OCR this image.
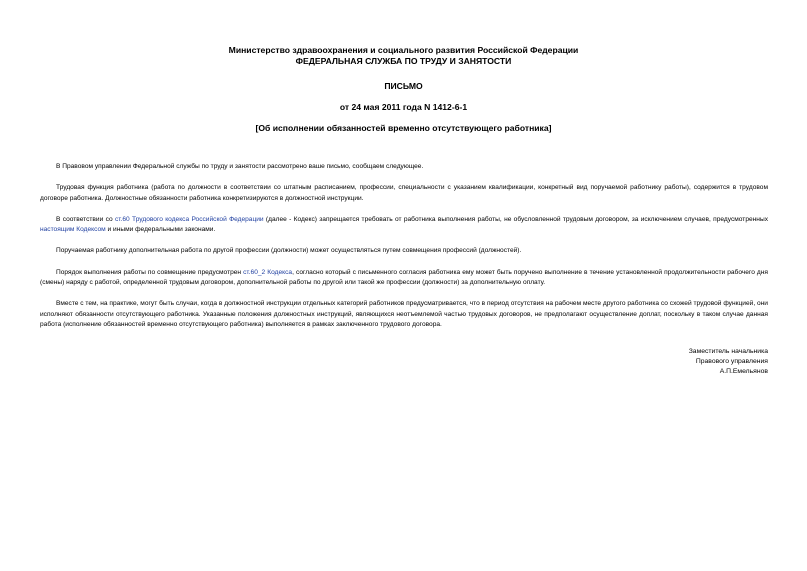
Министерство здравоохранения и социального развития Российской Федерации
ФЕДЕРАЛЬНАЯ СЛУЖБА ПО ТРУДУ И ЗАНЯТОСТИ
ПИСЬМО
от 24 мая 2011 года N 1412-6-1
[Об исполнении обязанностей временно отсутствующего работника]

В Правовом управлении Федеральной службы по труду и занятости рассмотрено ваше письмо, сообщаем следующее.

Трудовая функция работника (работа по должности в соответствии со штатным расписанием, профессии, специальности с указанием квалификации, конкретный вид поручаемой работнику работы), содержится в трудовом договоре работника. Должностные обязанности работника конкретизируются в должностной инструкции.

В соответствии со ст.60 Трудового кодекса Российской Федерации (далее - Кодекс) запрещается требовать от работника выполнения работы, не обусловленной трудовым договором, за исключением случаев, предусмотренных настоящим Кодексом и иными федеральными законами.

Поручаемая работнику дополнительная работа по другой профессии (должности) может осуществляться путем совмещения профессий (должностей).

Порядок выполнения работы по совмещение предусмотрен ст.60_2 Кодекса, согласно который с письменного согласия работника ему может быть поручено выполнение в течение установленной продолжительности рабочего дня (смены) наряду с работой, определенной трудовым договором, дополнительной работы по другой или такой же профессии (должности) за дополнительную оплату.

Вместе с тем, на практике, могут быть случаи, когда в должностной инструкции отдельных категорий работников предусматривается, что в период отсутствия на рабочем месте другого работника со схожей трудовой функцией, они исполняют обязанности отсутствующего работника. Указанные положения должностных инструкций, являющихся неотъемлемой частью трудовых договоров, не предполагают осуществление доплат, поскольку в таком случае данная работа (исполнение обязанностей временно отсутствующего работника) выполняется в рамках заключенного трудового договора.

Заместитель начальника
Правового управления
А.П.Емельянов
